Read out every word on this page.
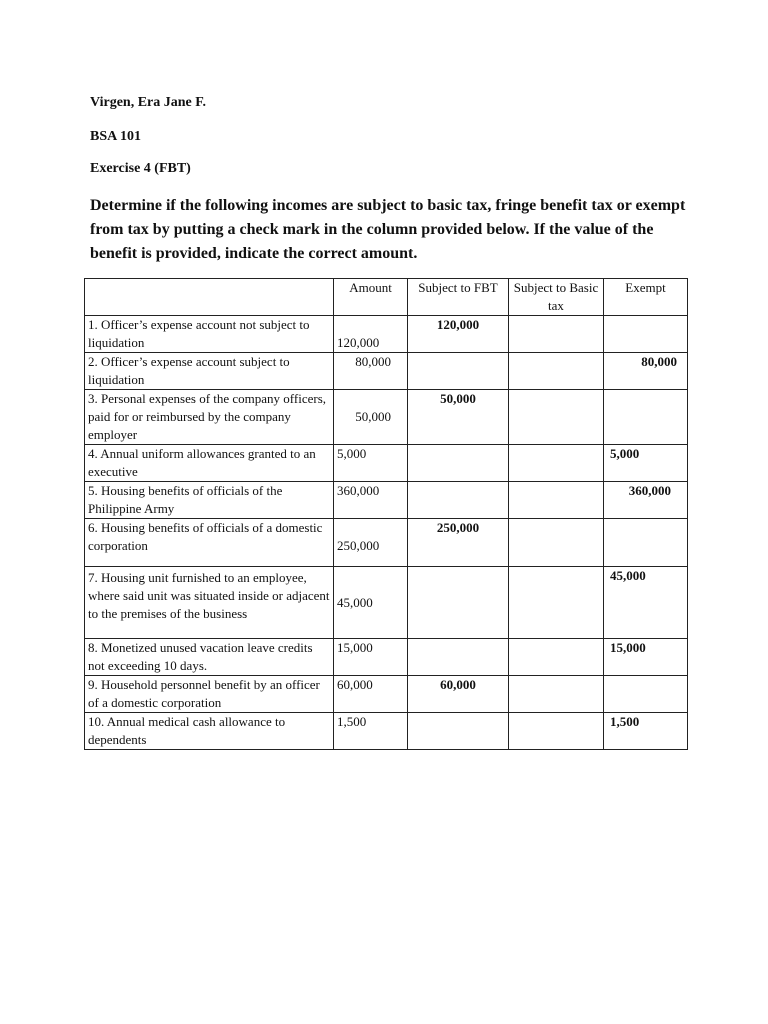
Virgen, Era Jane F.

BSA 101

Exercise 4 (FBT)

Determine if the following incomes are subject to basic tax, fringe benefit tax or exempt from tax by putting a check mark in the column provided below. If the value of the benefit is provided, indicate the correct amount.

	Amount	Subject to FBT	Subject to Basic tax	Exempt
1. Officer’s expense account not subject to liquidation	120,000	120,000		
2. Officer’s expense account subject to liquidation	80,000			80,000
3. Personal expenses of the company officers, paid for or reimbursed by the company employer	50,000	50,000		
4. Annual uniform allowances granted to an executive	5,000			5,000
5. Housing benefits of officials of the Philippine Army	360,000			360,000
6. Housing benefits of officials of a domestic corporation	250,000	250,000		
7. Housing unit furnished to an employee, where said unit was situated inside or adjacent to the premises of the business	45,000			45,000
8. Monetized unused vacation leave credits not exceeding 10 days.	15,000			15,000
9. Household personnel benefit by an officer of a domestic corporation	60,000	60,000		
10. Annual medical cash allowance to dependents	1,500			1,500
